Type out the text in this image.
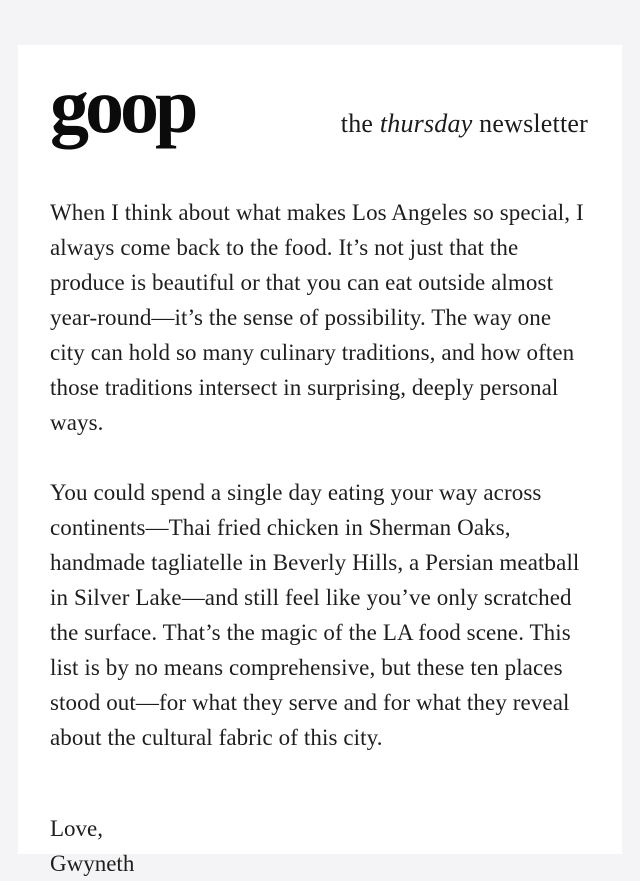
goop	the thursday newsletter

When I think about what makes Los Angeles so special, I always come back to the food. It’s not just that the produce is beautiful or that you can eat outside almost year-round—it’s the sense of possibility. The way one city can hold so many culinary traditions, and how often those traditions intersect in surprising, deeply personal ways.

You could spend a single day eating your way across continents—Thai fried chicken in Sherman Oaks, handmade tagliatelle in Beverly Hills, a Persian meatball in Silver Lake—and still feel like you’ve only scratched the surface. That’s the magic of the LA food scene. This list is by no means comprehensive, but these ten places stood out—for what they serve and for what they reveal about the cultural fabric of this city.

Love,
Gwyneth
